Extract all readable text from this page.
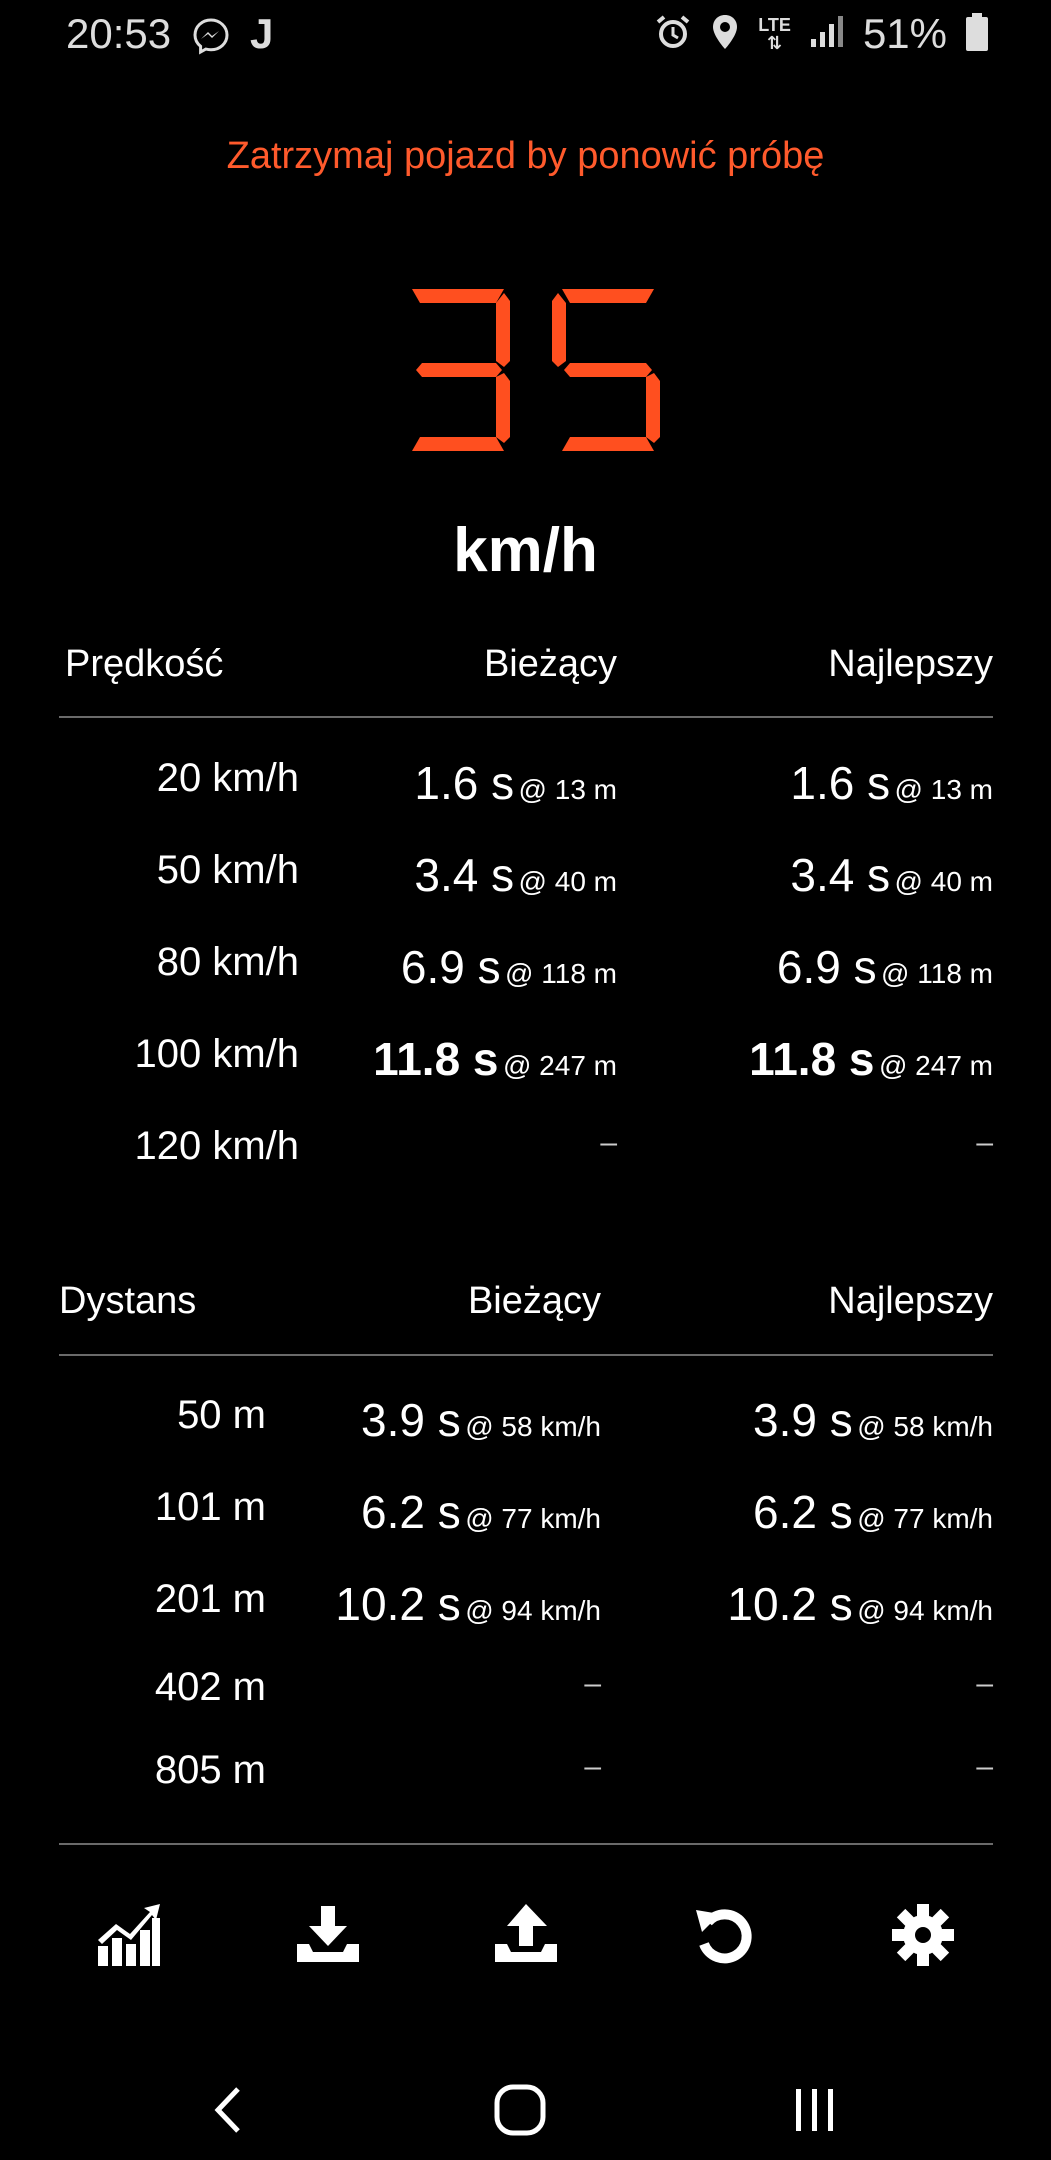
20:53 J	LTE
⇅ 51%
Zatrzymaj pojazd by ponowić próbę
35
km/h
Prędkość	Bieżący	Najlepszy
20 km/h	1.6 s @ 13 m	1.6 s @ 13 m
50 km/h	3.4 s @ 40 m	3.4 s @ 40 m
80 km/h 6.9 s @ 118 m	6.9 s @ 118 m
100 km/h 11.8 s @ 247 m	11.8 s @ 247 m
120 km/h	–	–
Dystans	Bieżący	Najlepszy
50 m 3.9 s @ 58 km/h	3.9 s @ 58 km/h
101 m 6.2 s @ 77 km/h	6.2 s @ 77 km/h
201 m 10.2 s @ 94 km/h	10.2 s @ 94 km/h
402 m	–	–
805 m	–	–
